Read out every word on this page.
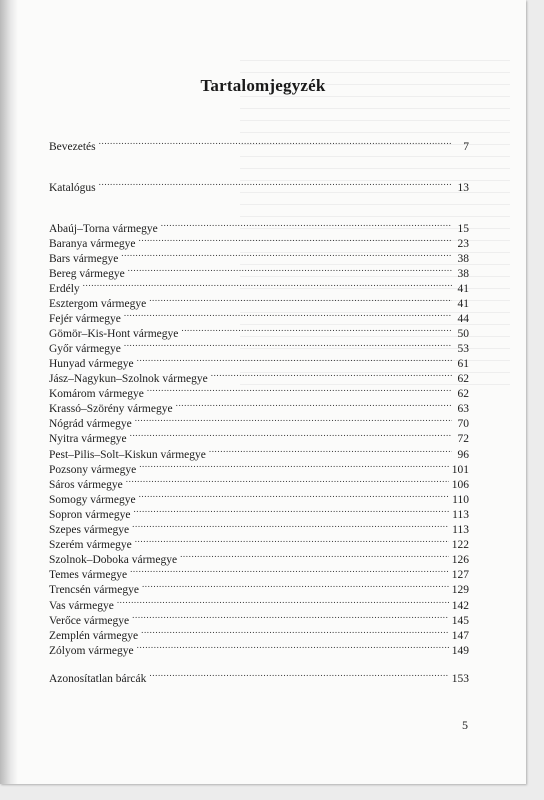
Tartalomjegyzék
Bevezetés .....	7
Katalógus .....	13
Abaúj–Torna vármegye .....	15
Baranya vármegye .....	23
Bars vármegye .....	38
Bereg vármegye .....	38
Erdély .....	41
Esztergom vármegye .....	41
Fejér vármegye .....	44
Gömör–Kis-Hont vármegye .....	50
Győr vármegye .....	53
Hunyad vármegye .....	61
Jász–Nagykun–Szolnok vármegye .....	62
Komárom vármegye .....	62
Krassó–Szörény vármegye .....	63
Nógrád vármegye .....	70
Nyitra vármegye .....	72
Pest–Pilis–Solt–Kiskun vármegye .....	96
Pozsony vármegye .....	101
Sáros vármegye .....	106
Somogy vármegye .....	110
Sopron vármegye .....	113
Szepes vármegye .....	113
Szerém vármegye .....	122
Szolnok–Doboka vármegye .....	126
Temes vármegye .....	127
Trencsén vármegye .....	129
Vas vármegye .....	142
Verőce vármegye .....	145
Zemplén vármegye .....	147
Zólyom vármegye .....	149
Azonosítatlan bárcák .....	153
5
